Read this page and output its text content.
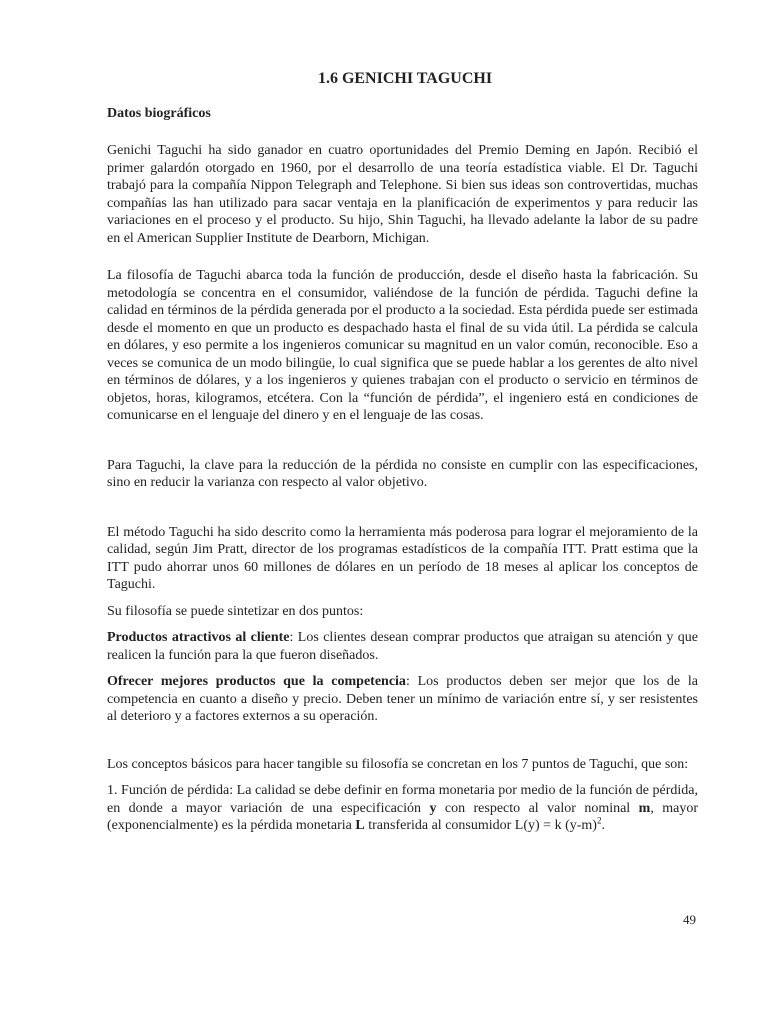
1.6 GENICHI TAGUCHI
Datos biográficos

Genichi Taguchi ha sido ganador en cuatro oportunidades del Premio Deming en Japón. Recibió el primer galardón otorgado en 1960, por el desarrollo de una teoría estadística viable. El Dr. Taguchi trabajó para la compañía Nippon Telegraph and Telephone. Si bien sus ideas son controvertidas, muchas compañías las han utilizado para sacar ventaja en la planificación de experimentos y para reducir las variaciones en el proceso y el producto. Su hijo, Shin Taguchi, ha llevado adelante la labor de su padre en el American Supplier Institute de Dearborn, Michigan.

La filosofía de Taguchi abarca toda la función de producción, desde el diseño hasta la fabricación. Su metodología se concentra en el consumidor, valiéndose de la función de pérdida. Taguchi define la calidad en términos de la pérdida generada por el producto a la sociedad. Esta pérdida puede ser estimada desde el momento en que un producto es despachado hasta el final de su vida útil. La pérdida se calcula en dólares, y eso permite a los ingenieros comunicar su magnitud en un valor común, reconocible. Eso a veces se comunica de un modo bilingüe, lo cual significa que se puede hablar a los gerentes de alto nivel en términos de dólares, y a los ingenieros y quienes trabajan con el producto o servicio en términos de objetos, horas, kilogramos, etcétera. Con la “función de pérdida”, el ingeniero está en condiciones de comunicarse en el lenguaje del dinero y en el lenguaje de las cosas.

Para Taguchi, la clave para la reducción de la pérdida no consiste en cumplir con las especificaciones, sino en reducir la varianza con respecto al valor objetivo.

El método Taguchi ha sido descrito como la herramienta más poderosa para lograr el mejoramiento de la calidad, según Jim Pratt, director de los programas estadísticos de la compañía ITT. Pratt estima que la ITT pudo ahorrar unos 60 millones de dólares en un período de 18 meses al aplicar los conceptos de Taguchi.

Su filosofía se puede sintetizar en dos puntos:

Productos atractivos al cliente: Los clientes desean comprar productos que atraigan su atención y que realicen la función para la que fueron diseñados.

Ofrecer mejores productos que la competencia: Los productos deben ser mejor que los de la competencia en cuanto a diseño y precio. Deben tener un mínimo de variación entre sí, y ser resistentes al deterioro y a factores externos a su operación.

Los conceptos básicos para hacer tangible su filosofía se concretan en los 7 puntos de Taguchi, que son:

1. Función de pérdida: La calidad se debe definir en forma monetaria por medio de la función de pérdida, en donde a mayor variación de una especificación y con respecto al valor nominal m, mayor (exponencialmente) es la pérdida monetaria L transferida al consumidor L(y) = k $(y-m)^2$.

49
